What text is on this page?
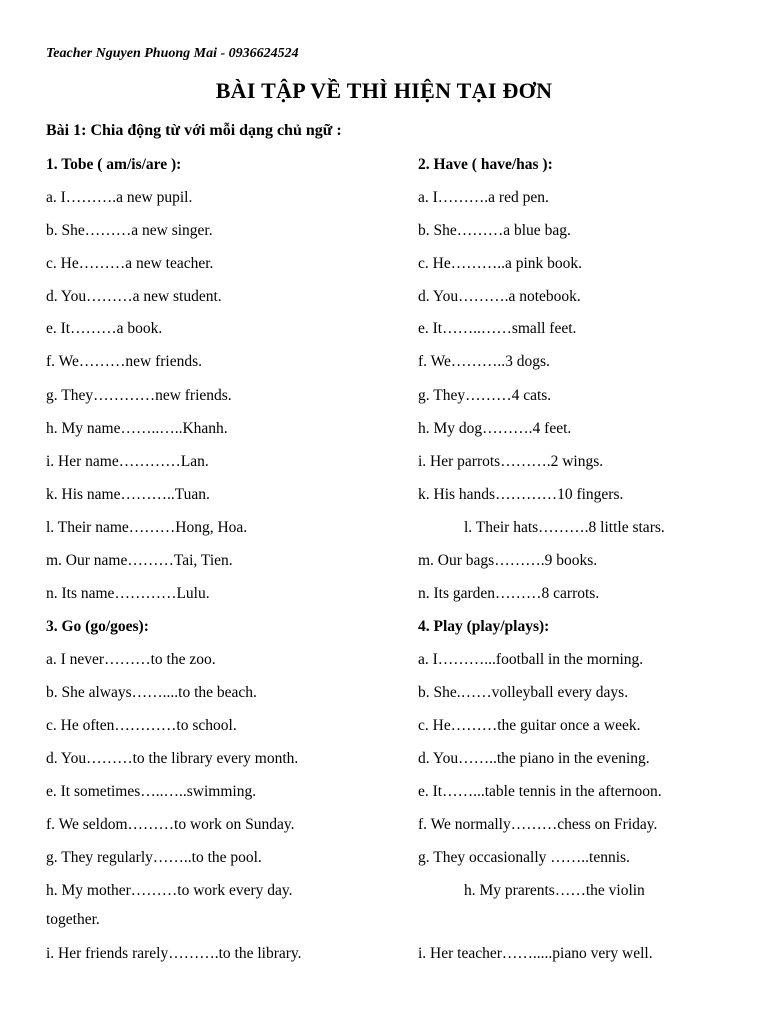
Teacher Nguyen Phuong Mai - 0936624524
BÀI TẬP VỀ THÌ HIỆN TẠI ĐƠN
Bài 1: Chia động từ với mỗi dạng chủ ngữ :
1. Tobe ( am/is/are ):
a. I……….a new pupil.
b. She………a new singer.
c. He………a new teacher.
d. You………a new student.
e. It………a book.
f. We………new friends.
g. They…………new friends.
h. My name……..…..Khanh.
i. Her name…………Lan.
k. His name………..Tuan.
l. Their name………Hong, Hoa.
m. Our name………Tai, Tien.
n. Its name…………Lulu.
2. Have ( have/has ):
a. I……….a red pen.
b. She………a blue bag.
c. He………..a pink book.
d. You……….a notebook.
e. It……..……small feet.
f. We………..3 dogs.
g. They………4 cats.
h. My dog……….4 feet.
i. Her parrots……….2 wings.
k. His hands…………10 fingers.
l. Their hats……….8 little stars.
m. Our bags……….9 books.
n. Its garden………8 carrots.
3. Go (go/goes):
a. I never………to the zoo.
b. She always……....to the beach.
c. He often…………to school.
d. You………to the library every month.
e. It sometimes…..…..swimming.
f. We seldom………to work on Sunday.
g. They regularly……..to the pool.
h. My mother………to work every day.
together.
i. Her friends rarely……….to the library.
4. Play (play/plays):
a. I………...football in the morning.
b. She.……volleyball every days.
c. He………the guitar once a week.
d. You……..the piano in the evening.
e. It……...table tennis in the afternoon.
f. We normally………chess on Friday.
g. They occasionally ……..tennis.
h. My prarents……the violin
i. Her teacher…….....piano very well.
